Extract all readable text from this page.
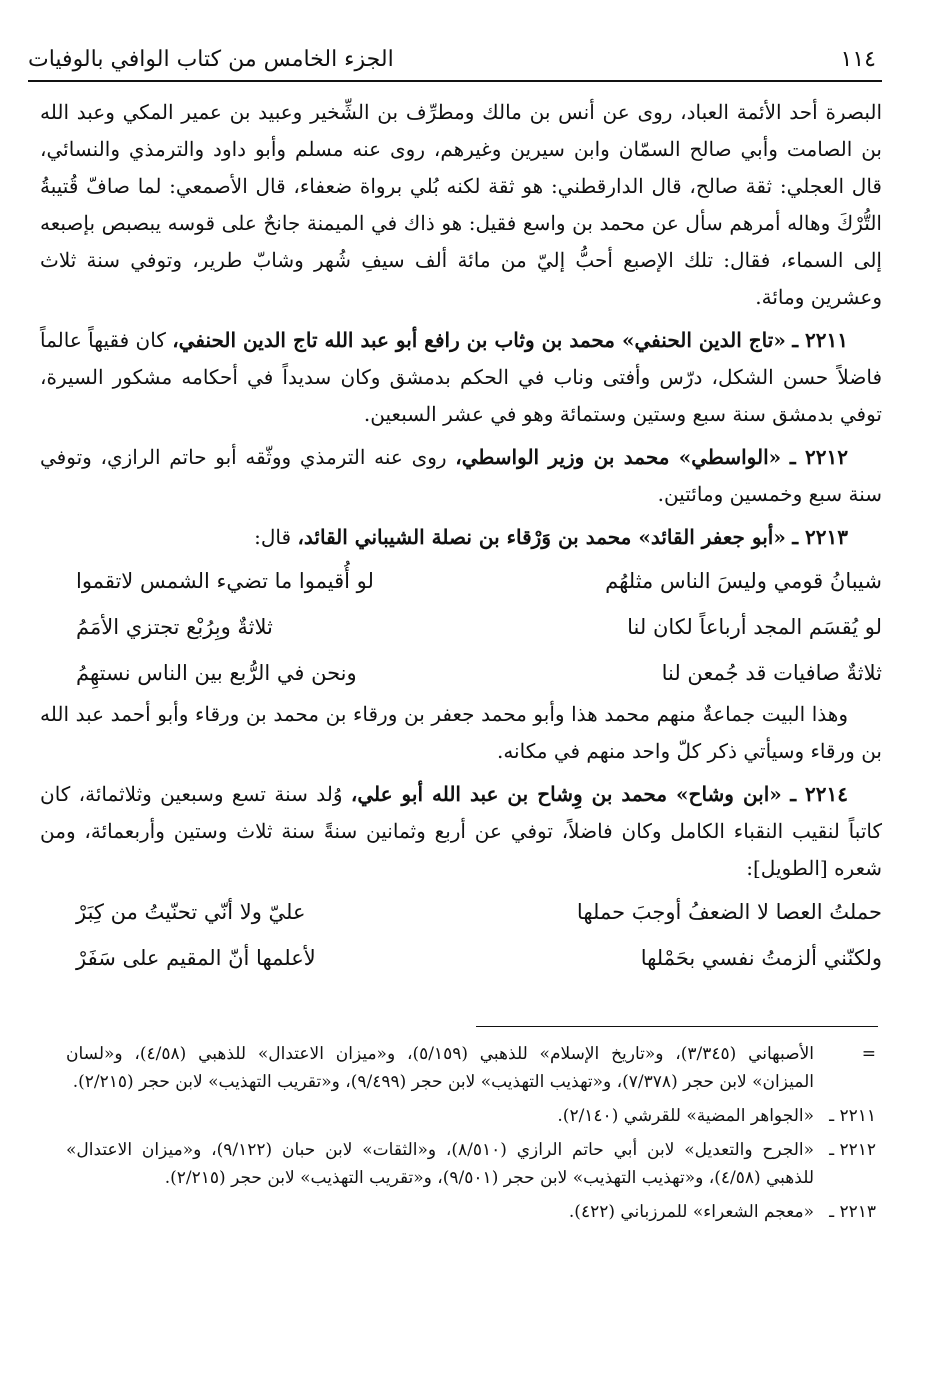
١١٤
الجزء الخامس من كتاب الوافي بالوفيات

البصرة أحد الأئمة العباد، روى عن أنس بن مالك ومطرِّف بن الشِّخير وعبيد بن عمير المكي وعبد الله بن الصامت وأبي صالح السمّان وابن سيرين وغيرهم، روى عنه مسلم وأبو داود والترمذي والنسائي، قال العجلي: ثقة صالح، قال الدارقطني: هو ثقة لكنه بُلي برواة ضعفاء، قال الأصمعي: لما صافّ قُتيبةُ التُّرْكَ وهاله أمرهم سأل عن محمد بن واسع فقيل: هو ذاك في الميمنة جانحٌ على قوسه يبصبص بإصبعه إلى السماء، فقال: تلك الإصبع أحبُّ إليّ من مائة ألف سيفِ شُهر وشابّ طرير، وتوفي سنة ثلاث وعشرين ومائة.

٢٢١١ ـ «تاج الدين الحنفي» محمد بن وثاب بن رافع أبو عبد الله تاج الدين الحنفي، كان فقيهاً عالماً فاضلاً حسن الشكل، درّس وأفتى وناب في الحكم بدمشق وكان سديداً في أحكامه مشكور السيرة، توفي بدمشق سنة سبع وستين وستمائة وهو في عشر السبعين.

٢٢١٢ ـ «الواسطي» محمد بن وزير الواسطي، روى عنه الترمذي ووثّقه أبو حاتم الرازي، وتوفي سنة سبع وخمسين ومائتين.

٢٢١٣ ـ «أبو جعفر القائد» محمد بن وَرْقاء بن نصلة الشيباني القائد، قال:

شيبانُ قومي وليسَ الناس مثلهُم
لو أُقيموا ما تضيء الشمس لاتقموا
لو يُقسَم المجد أرباعاً لكان لنا
ثلاثةٌ وبِرُبْع تجتزي الأمَمُ
ثلاثةٌ صافيات قد جُمعن لنا
ونحن في الرُّبع بين الناس نستهِمُ

وهذا البيت جماعةٌ منهم محمد هذا وأبو محمد جعفر بن ورقاء بن محمد بن ورقاء وأبو أحمد عبد الله بن ورقاء وسيأتي ذكر كلّ واحد منهم في مكانه.

٢٢١٤ ـ «ابن وشاح» محمد بن وِشاح بن عبد الله أبو علي، وُلد سنة تسع وسبعين وثلاثمائة، كان كاتباً لنقيب النقباء الكامل وكان فاضلاً، توفي عن أربع وثمانين سنةً سنة ثلاث وستين وأربعمائة، ومن شعره [الطويل]:

حملتُ العصا لا الضعفُ أوجبَ حملها
عليّ ولا أنّي تحنّيتُ من كِبَرْ
ولكنّني ألزمتُ نفسي بحَمْلها
لأعلمها أنّ المقيم على سَفَرْ
=
الأصبهاني (٣/٣٤٥)، و«تاريخ الإسلام» للذهبي (٥/١٥٩)، و«ميزان الاعتدال» للذهبي (٤/٥٨)، و«لسان الميزان» لابن حجر (٧/٣٧٨)، و«تهذيب التهذيب» لابن حجر (٩/٤٩٩)، و«تقريب التهذيب» لابن حجر (٢/٢١٥).
٢٢١١ ـ
«الجواهر المضية» للقرشي (٢/١٤٠).
٢٢١٢ ـ
«الجرح والتعديل» لابن أبي حاتم الرازي (٨/٥١٠)، و«الثقات» لابن حبان (٩/١٢٢)، و«ميزان الاعتدال» للذهبي (٤/٥٨)، و«تهذيب التهذيب» لابن حجر (٩/٥٠١)، و«تقريب التهذيب» لابن حجر (٢/٢١٥).
٢٢١٣ ـ
«معجم الشعراء» للمرزباني (٤٢٢).
